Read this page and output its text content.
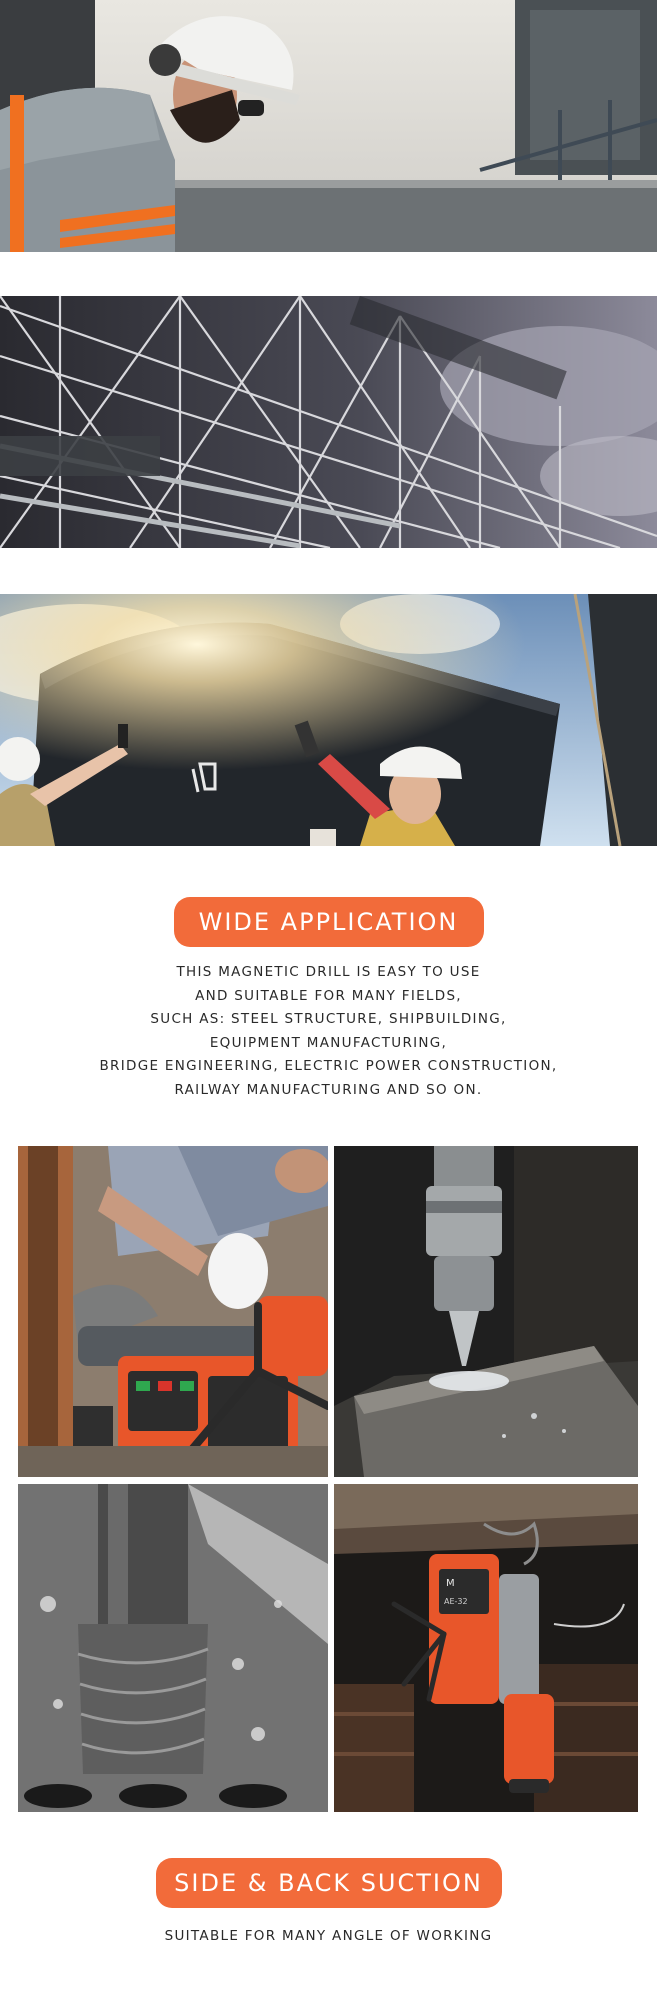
WIDE APPLICATION
THIS MAGNETIC DRILL IS EASY TO USE
AND SUITABLE FOR MANY FIELDS,
SUCH AS: STEEL STRUCTURE, SHIPBUILDING,
EQUIPMENT MANUFACTURING,
BRIDGE ENGINEERING, ELECTRIC POWER CONSTRUCTION,
RAILWAY MANUFACTURING AND SO ON.
M
AE-32
SIDE & BACK SUCTION
SUITABLE FOR MANY ANGLE OF WORKING
